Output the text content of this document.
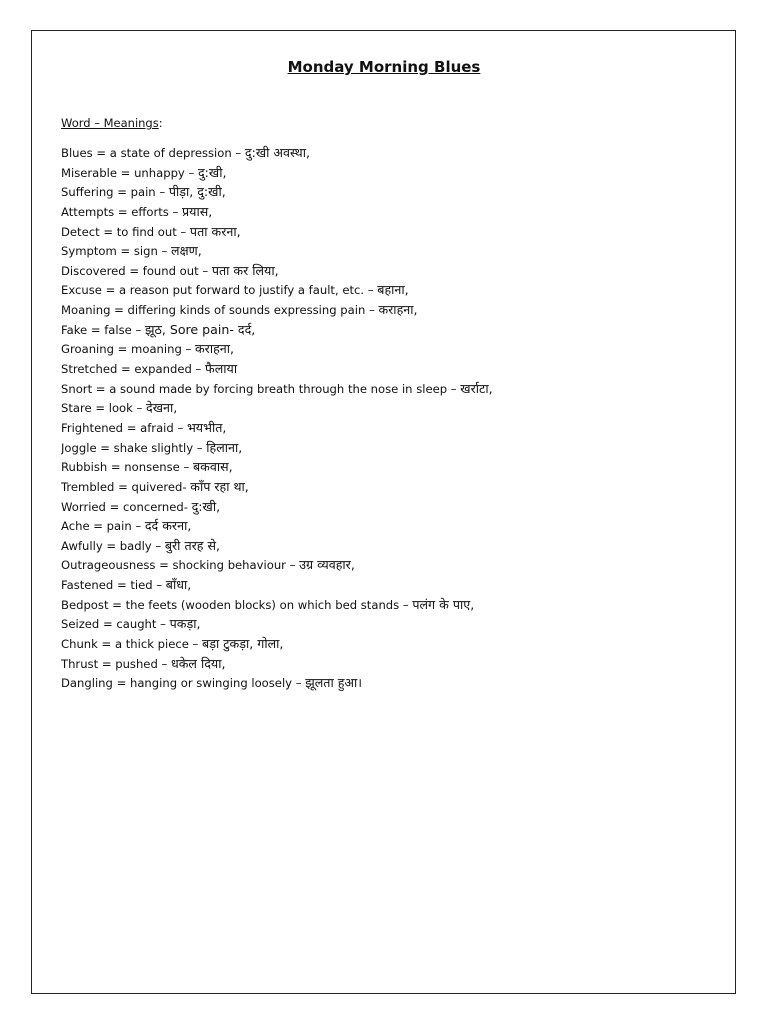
Monday Morning Blues
Word – Meanings:
Blues = a state of depression – दु:खी अवस्था,
Miserable = unhappy – दु:खी,
Suffering = pain – पीड़ा, दु:खी,
Attempts = efforts – प्रयास,
Detect = to find out – पता करना,
Symptom = sign – लक्षण,
Discovered = found out – पता कर लिया,
Excuse = a reason put forward to justify a fault, etc. – बहाना,
Moaning = differing kinds of sounds expressing pain – कराहना,
Fake = false – झूठ, Sore pain- दर्द,
Groaning = moaning – कराहना,
Stretched = expanded – फैलाया
Snort = a sound made by forcing breath through the nose in sleep – खर्राटा,
Stare = look – देखना,
Frightened = afraid – भयभीत,
Joggle = shake slightly – हिलाना,
Rubbish = nonsense – बकवास,
Trembled = quivered- काँप रहा था,
Worried = concerned- दु:खी,
Ache = pain – दर्द करना,
Awfully = badly – बुरी तरह से,
Outrageousness = shocking behaviour – उग्र व्यवहार,
Fastened = tied – बाँधा,
Bedpost = the feets (wooden blocks) on which bed stands – पलंग के पाए,
Seized = caught – पकड़ा,
Chunk = a thick piece – बड़ा टुकड़ा, गोला,
Thrust = pushed – धकेल दिया,
Dangling = hanging or swinging loosely – झूलता हुआ।
